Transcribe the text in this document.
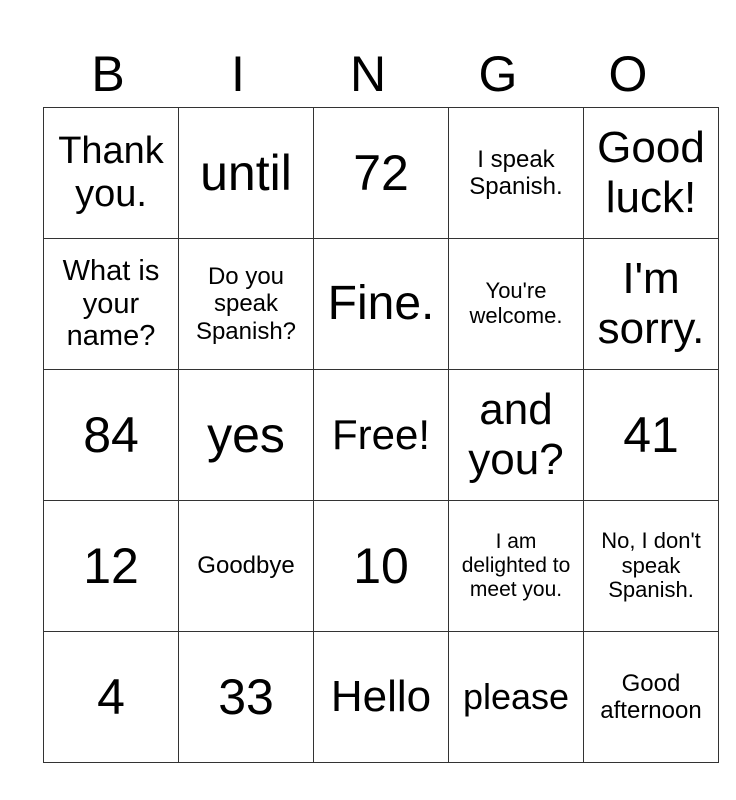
B	I	N	G	O
Thank you.	until	72	I speak Spanish.	Good luck!
What is your name?	Do you speak Spanish?	Fine.	You're welcome.	I'm sorry.
84	yes	Free!	and you?	41
12	Goodbye	10	I am delighted to meet you.	No, I don't speak Spanish.
4	33	Hello	please	Good afternoon
